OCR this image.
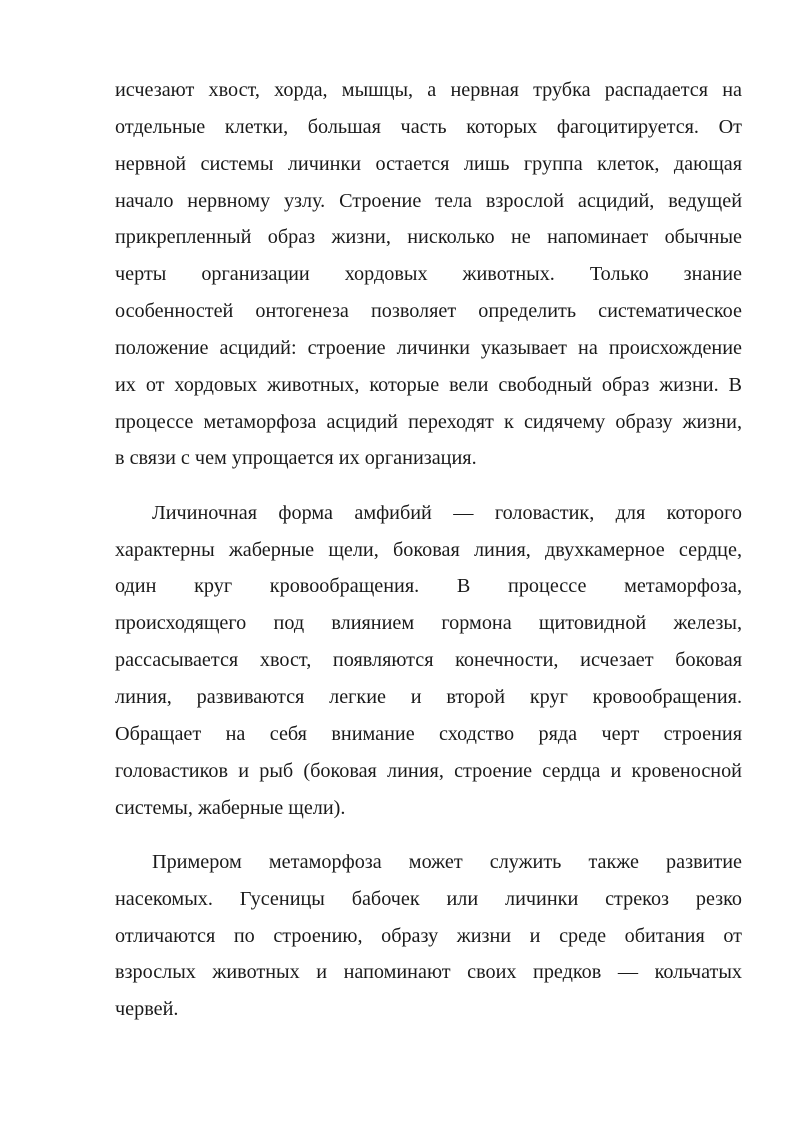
исчезают хвост, хорда, мышцы, а нервная трубка распадается на
отдельные клетки, большая часть которых фагоцитируется. От
нервной системы личинки остается лишь группа клеток, дающая
начало нервному узлу. Строение тела взрослой асцидий, ведущей
прикрепленный образ жизни, нисколько не напоминает обычные
черты организации хордовых животных. Только знание
особенностей онтогенеза позволяет определить систематическое
положение асцидий: строение личинки указывает на происхождение
их от хордовых животных, которые вели свободный образ жизни. В
процессе метаморфоза асцидий переходят к сидячему образу жизни,
в связи с чем упрощается их организация.
Личиночная форма амфибий — головастик, для которого
характерны жаберные щели, боковая линия, двухкамерное сердце,
один круг кровообращения. В процессе метаморфоза,
происходящего под влиянием гормона щитовидной железы,
рассасывается хвост, появляются конечности, исчезает боковая
линия, развиваются легкие и второй круг кровообращения.
Обращает на себя внимание сходство ряда черт строения
головастиков и рыб (боковая линия, строение сердца и кровеносной
системы, жаберные щели).
Примером метаморфоза может служить также развитие
насекомых. Гусеницы бабочек или личинки стрекоз резко
отличаются по строению, образу жизни и среде обитания от
взрослых животных и напоминают своих предков — кольчатых
червей.
